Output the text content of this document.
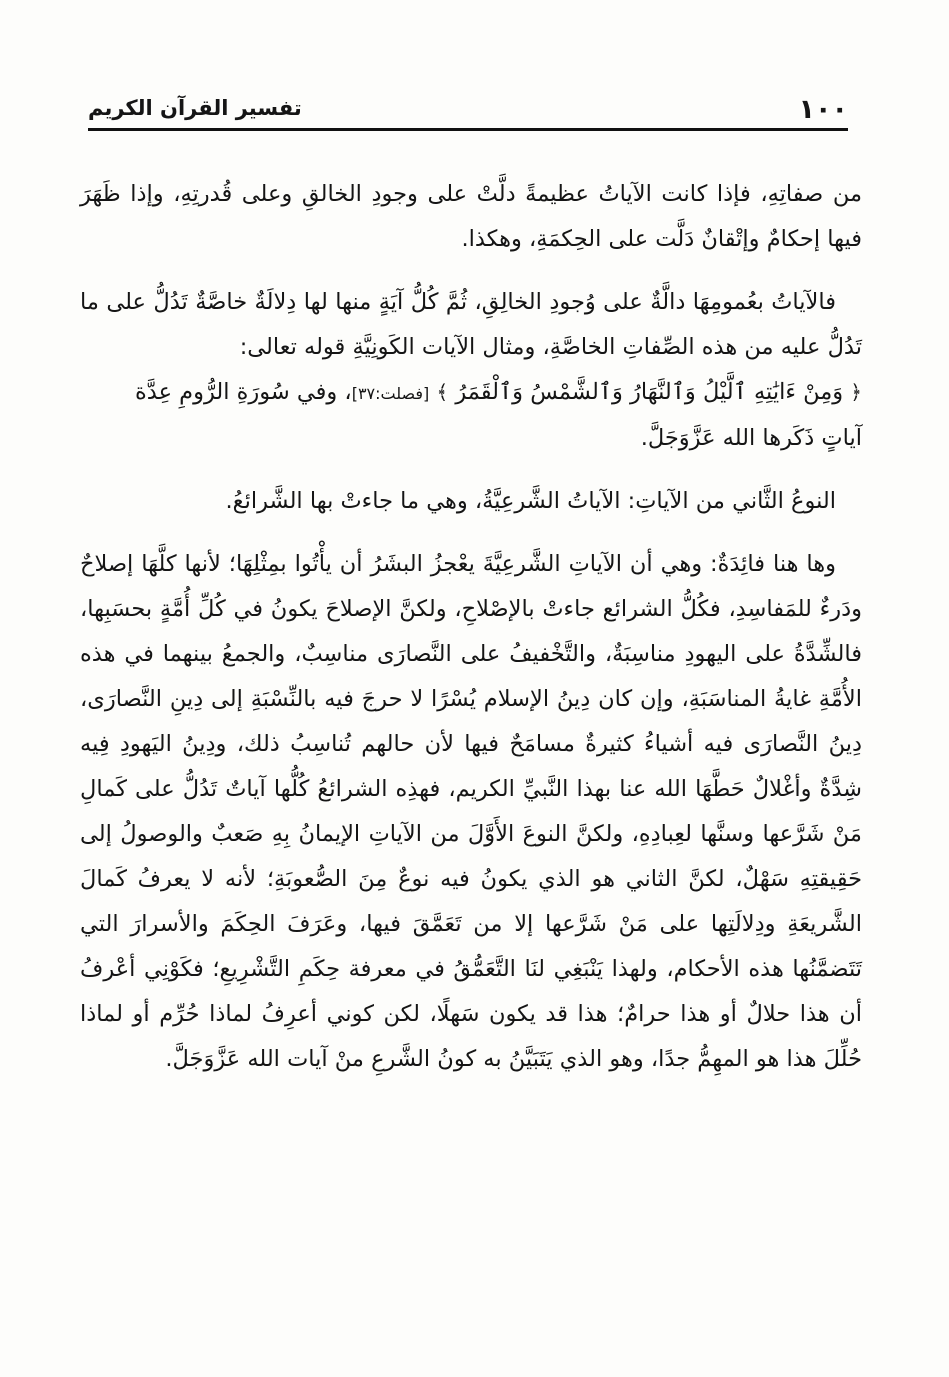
١٠٠
تفسير القرآن الكريم

من صفاتِهِ، فإذا كانت الآياتُ عظيمةً دلَّتْ على وجودِ الخالقِ وعلى قُدرتِهِ، وإذا ظَهَرَ فيها إحكامٌ وإتْقانٌ دَلَّت على الحِكمَةِ، وهكذا.

فالآياتُ بعُمومِهَا دالَّةٌ على وُجودِ الخالِقِ، ثُمَّ كُلُّ آيَةٍ منها لها دِلالَةٌ خاصَّةٌ تَدُلُّ على ما تَدُلُّ عليه من هذه الصِّفاتِ الخاصَّةِ، ومثال الآيات الكَونِيَّةِ قوله تعالى:

﴿ وَمِنْ ءَايَٰتِهِ ٱلَّيْلُ وَٱلنَّهَارُ وَٱلشَّمْسُ وَٱلْقَمَرُ ﴾ [فصلت:٣٧]، وفي سُورَةِ الرُّومِ عِدَّة

آياتٍ ذَكَرها الله عَزَّوَجَلَّ.

النوعُ الثَّاني من الآياتِ: الآياتُ الشَّرعِيَّةُ، وهي ما جاءتْ بها الشَّرائعُ.

وها هنا فائِدَةٌ: وهي أن الآياتِ الشَّرعِيَّةَ يعْجزُ البشَرُ أن يأْتُوا بمِثْلِهَا؛ لأنها كلَّهَا إصلاحٌ ودَرءٌ للمَفاسِدِ، فكُلُّ الشرائع جاءتْ بالإصْلاحِ، ولكنَّ الإصلاحَ يكونُ في كُلِّ أُمَّةٍ بحسَبِها، فالشِّدَّةُ على اليهودِ مناسِبَةٌ، والتَّخْفيفُ على النَّصارَى مناسِبٌ، والجمعُ بينهما في هذه الأُمَّةِ غايةُ المناسَبَةِ، وإن كان دِينُ الإسلام يُسْرًا لا حرجَ فيه بالنِّسْبَةِ إلى دِينِ النَّصارَى، دِينُ النَّصارَى فيه أشياءُ كثيرةٌ مسامَحٌ فيها لأن حالهم تُناسِبُ ذلك، ودِينُ اليَهودِ فِيه شِدَّةٌ وأغْلالٌ حَطَّهَا الله عنا بهذا النَّبيِّ الكريم، فهذِه الشرائعُ كُلُّها آياتٌ تَدُلُّ على كَمالِ مَنْ شَرَّعها وسنَّها لعِبادِهِ، ولكنَّ النوعَ الأَوَّلَ من الآياتِ الإيمانُ بِهِ صَعبٌ والوصولُ إلى حَقِيقتِهِ سَهْلٌ، لكنَّ الثاني هو الذي يكونُ فيه نوعٌ مِنَ الصُّعوبَةِ؛ لأنه لا يعرفُ كَمالَ الشَّريعَةِ ودِلالَتِها على مَنْ شَرَّعها إلا من تَعَمَّقَ فيها، وعَرَفَ الحِكَمَ والأسرارَ التي تَتَضمَّنُها هذه الأحكام، ولهذا يَنْبَغِي لنَا التَّعَمُّقُ في معرفة حِكَمِ التَّشْرِيعِ؛ فكَوْنِي أعْرفُ أن هذا حلالٌ أو هذا حرامٌ؛ هذا قد يكون سَهلًا، لكن كوني أعرِفُ لماذا حُرِّم أو لماذا حُلِّلَ هذا هو المهِمُّ جدًا، وهو الذي يَتَبَيَّنُ به كونُ الشَّرعِ منْ آيات الله عَزَّوَجَلَّ.
